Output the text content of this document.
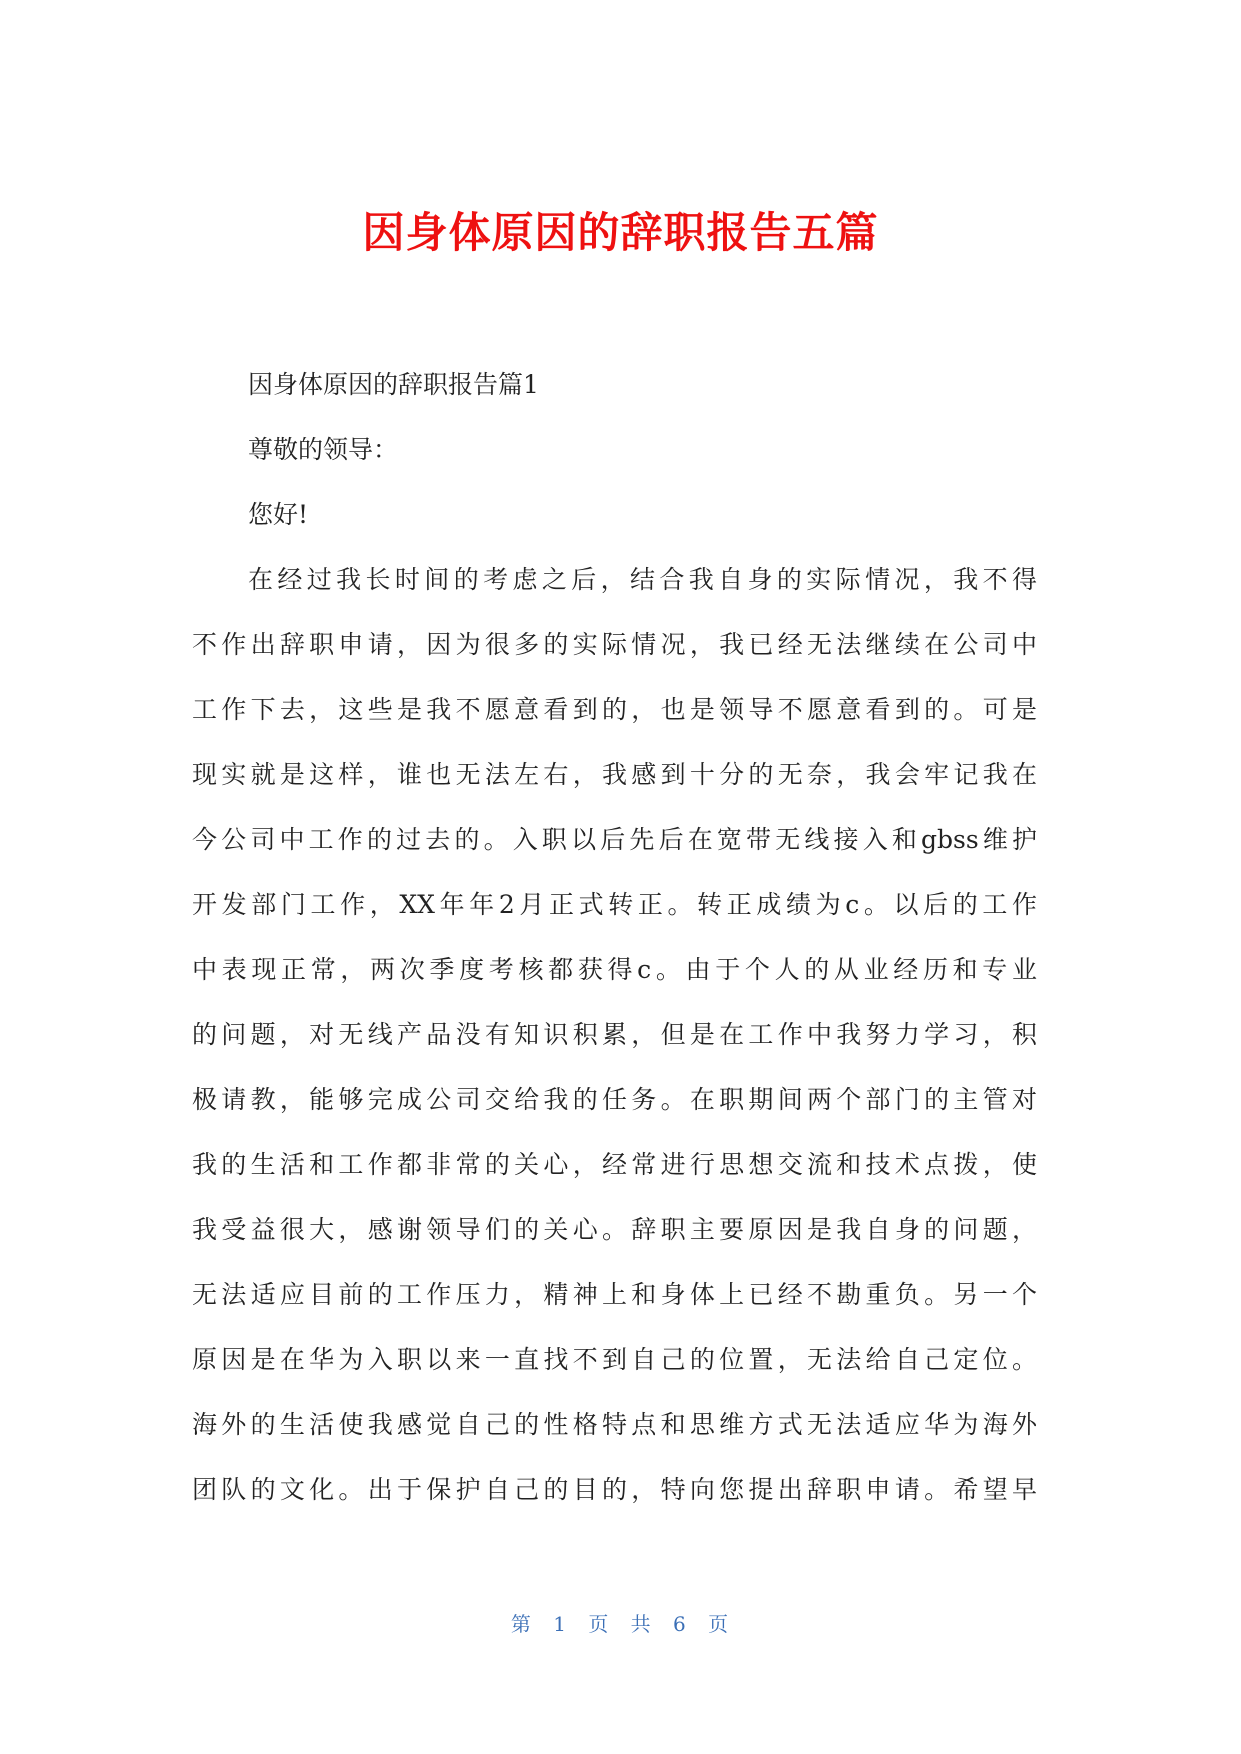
因身体原因的辞职报告五篇

因身体原因的辞职报告篇1

尊敬的领导：

您好!

在经过我长时间的考虑之后，结合我自身的实际情况，我不得

不作出辞职申请，因为很多的实际情况，我已经无法继续在公司中

工作下去，这些是我不愿意看到的，也是领导不愿意看到的。可是

现实就是这样，谁也无法左右，我感到十分的无奈，我会牢记我在

今公司中工作的过去的。入职以后先后在宽带无线接入和gbss维护

开发部门工作，XX年年2月正式转正。转正成绩为c。以后的工作

中表现正常，两次季度考核都获得c。由于个人的从业经历和专业

的问题，对无线产品没有知识积累，但是在工作中我努力学习，积

极请教，能够完成公司交给我的任务。在职期间两个部门的主管对

我的生活和工作都非常的关心，经常进行思想交流和技术点拨，使

我受益很大，感谢领导们的关心。辞职主要原因是我自身的问题，

无法适应目前的工作压力，精神上和身体上已经不勘重负。另一个

原因是在华为入职以来一直找不到自己的位置，无法给自己定位。

海外的生活使我感觉自己的性格特点和思维方式无法适应华为海外

团队的文化。出于保护自己的目的，特向您提出辞职申请。希望早

第 1 页 共 6 页
